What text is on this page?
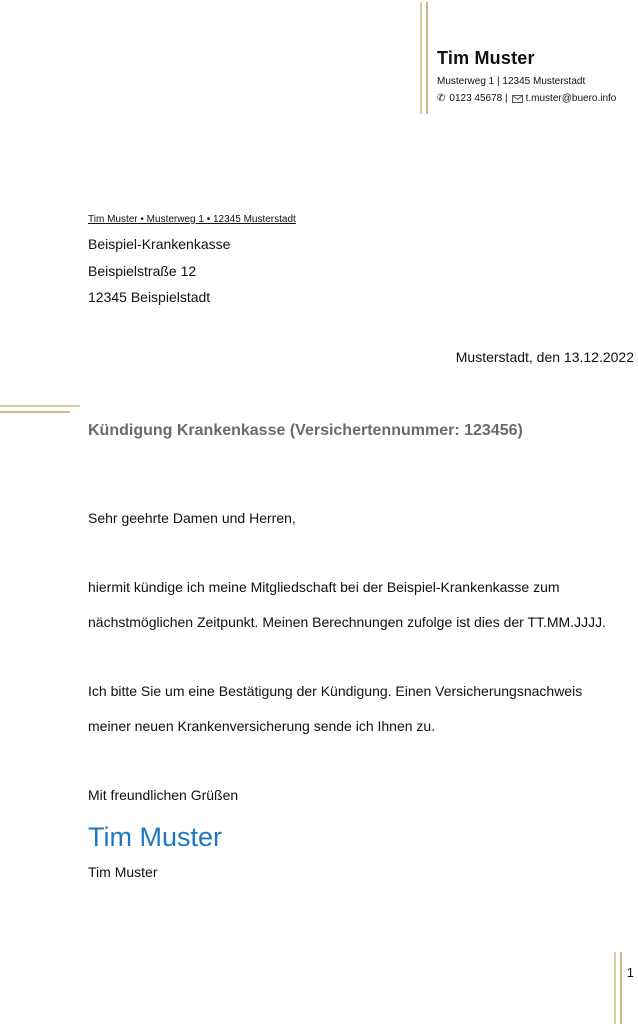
Tim Muster
Musterweg 1 | 12345 Musterstadt
✆ 0123 45678 | t.muster@buero.info
Tim Muster • Musterweg 1 • 12345 Musterstadt
Beispiel-Krankenkasse
Beispielstraße 12
12345 Beispielstadt
Musterstadt, den 13.12.2022
Kündigung Krankenkasse (Versichertennummer: 123456)
Sehr geehrte Damen und Herren,
hiermit kündige ich meine Mitgliedschaft bei der Beispiel-Krankenkasse zum
nächstmöglichen Zeitpunkt. Meinen Berechnungen zufolge ist dies der TT.MM.JJJJ.
Ich bitte Sie um eine Bestätigung der Kündigung. Einen Versicherungsnachweis
meiner neuen Krankenversicherung sende ich Ihnen zu.
Mit freundlichen Grüßen
Tim Muster
Tim Muster
1
